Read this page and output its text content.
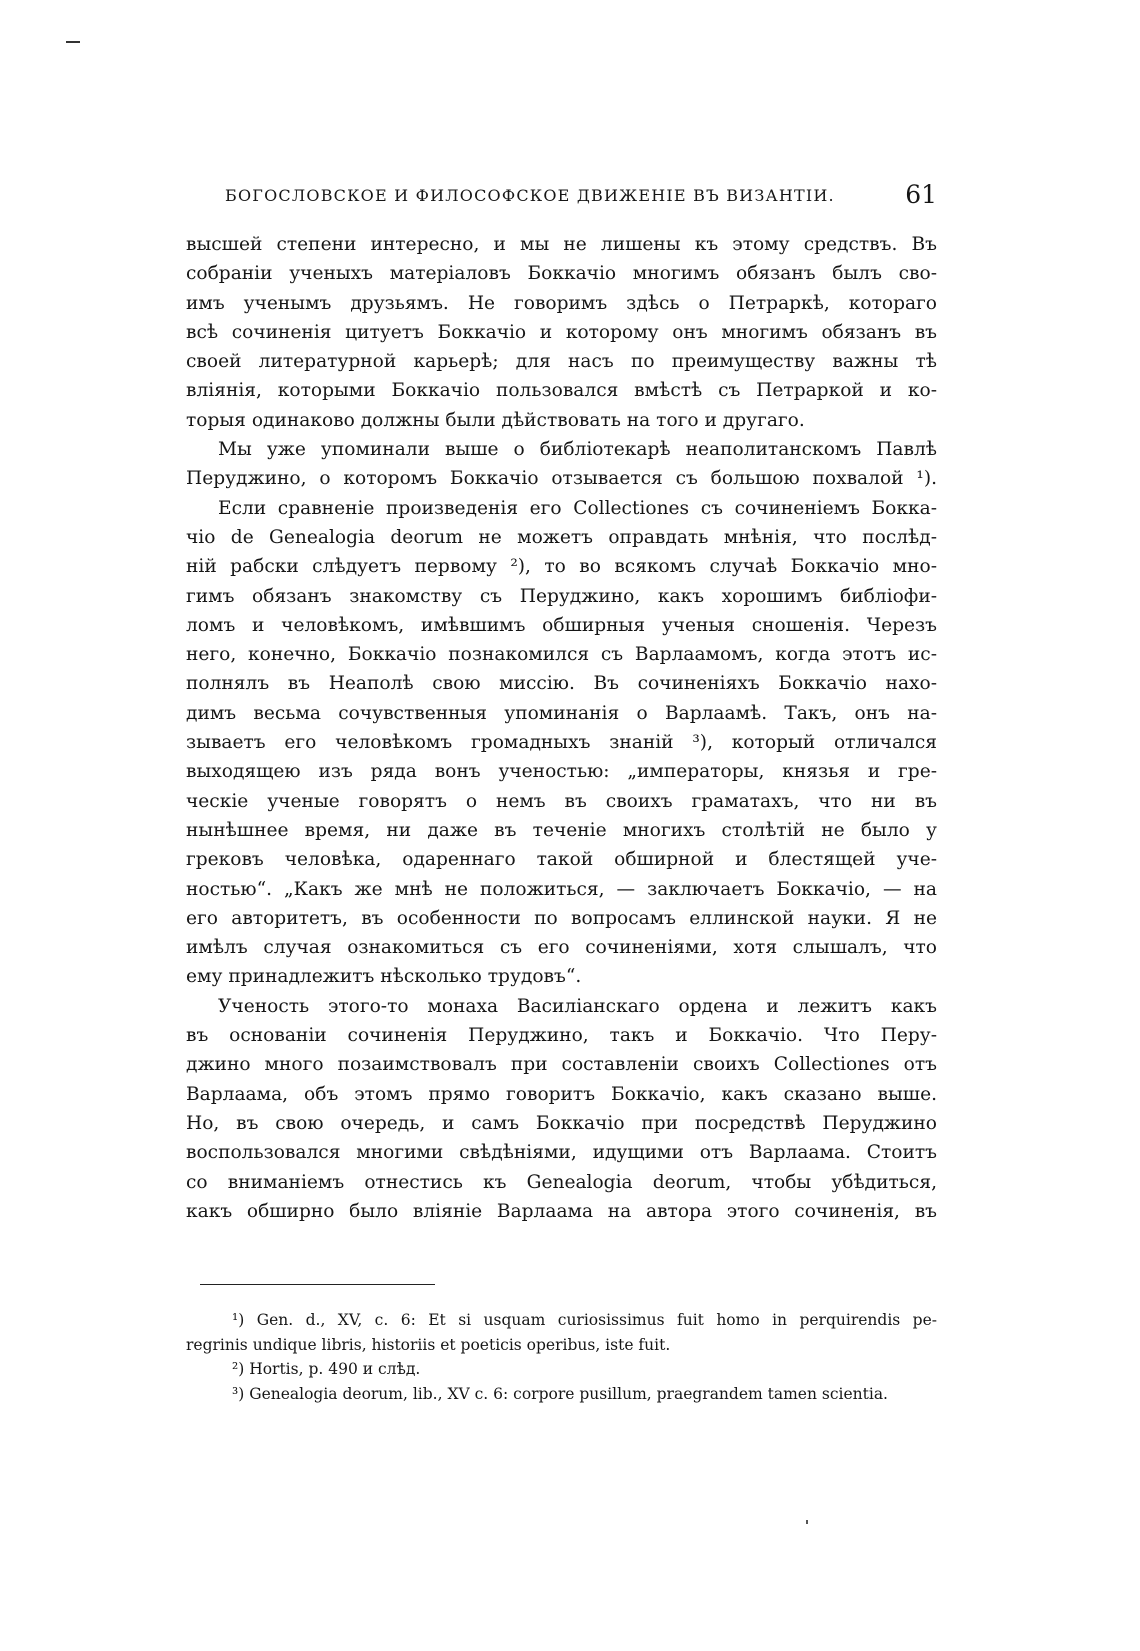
БОГОСЛОВСКОЕ И ФИЛОСОФСКОЕ ДВИЖЕНІЕ ВЪ ВИЗАНТІИ.	61
высшей степени интересно, и мы не лишены къ этому средствъ. Въ
собраніи ученыхъ матеріаловъ Боккачіо многимъ обязанъ былъ сво-
имъ ученымъ друзьямъ. Не говоримъ здѣсь о Петраркѣ, котораго
всѣ сочиненія цитуетъ Боккачіо и которому онъ многимъ обязанъ въ
своей литературной карьерѣ; для насъ по преимуществу важны тѣ
вліянія, которыми Боккачіо пользовался вмѣстѣ съ Петраркой и ко-
торыя одинаково должны были дѣйствовать на того и другаго.
Мы уже упоминали выше о библіотекарѣ неаполитанскомъ Павлѣ
Перуджино, о которомъ Боккачіо отзывается съ большою похвалой ¹).
Если сравненіе произведенія его Collectiones съ сочиненіемъ Бокка-
чіо de Genealogia deorum не можетъ оправдать мнѣнія, что послѣд-
ній рабски слѣдуетъ первому ²), то во всякомъ случаѣ Боккачіо мно-
гимъ обязанъ знакомству съ Перуджино, какъ хорошимъ библіофи-
ломъ и человѣкомъ, имѣвшимъ обширныя ученыя сношенія. Черезъ
него, конечно, Боккачіо познакомился съ Варлаамомъ, когда этотъ ис-
полнялъ въ Неаполѣ свою миссію. Въ сочиненіяхъ Боккачіо нахо-
димъ весьма сочувственныя упоминанія о Варлаамѣ. Такъ, онъ на-
зываетъ его человѣкомъ громадныхъ знаній ³), который отличался
выходящею изъ ряда вонъ ученостью: „императоры, князья и гре-
ческіе ученые говорятъ о немъ въ своихъ граматахъ, что ни въ
нынѣшнее время, ни даже въ теченіе многихъ столѣтій не было у
грековъ человѣка, одареннаго такой обширной и блестящей уче-
ностью“. „Какъ же мнѣ не положиться, — заключаетъ Боккачіо, — на
его авторитетъ, въ особенности по вопросамъ еллинской науки. Я не
имѣлъ случая ознакомиться съ его сочиненіями, хотя слышалъ, что
ему принадлежитъ нѣсколько трудовъ“.
Ученость этого-то монаха Василіанскаго ордена и лежитъ какъ
въ основаніи сочиненія Перуджино, такъ и Боккачіо. Что Перу-
джино много позаимствовалъ при составленіи своихъ Collectiones отъ
Варлаама, объ этомъ прямо говоритъ Боккачіо, какъ сказано выше.
Но, въ свою очередь, и самъ Боккачіо при посредствѣ Перуджино
воспользовался многими свѣдѣніями, идущими отъ Варлаама. Стоитъ
со вниманіемъ отнестись къ Genealogia deorum, чтобы убѣдиться,
какъ обширно было вліяніе Варлаама на автора этого сочиненія, въ
¹) Gen. d., XV, c. 6: Et si usquam curiosissimus fuit homo in perquirendis pe-
regrinis undique libris, historiis et poeticis operibus, iste fuit.
²) Hortis, p. 490 и слѣд.
³) Genealogia deorum, lib., XV c. 6: corpore pusillum, praegrandem tamen scientia.
